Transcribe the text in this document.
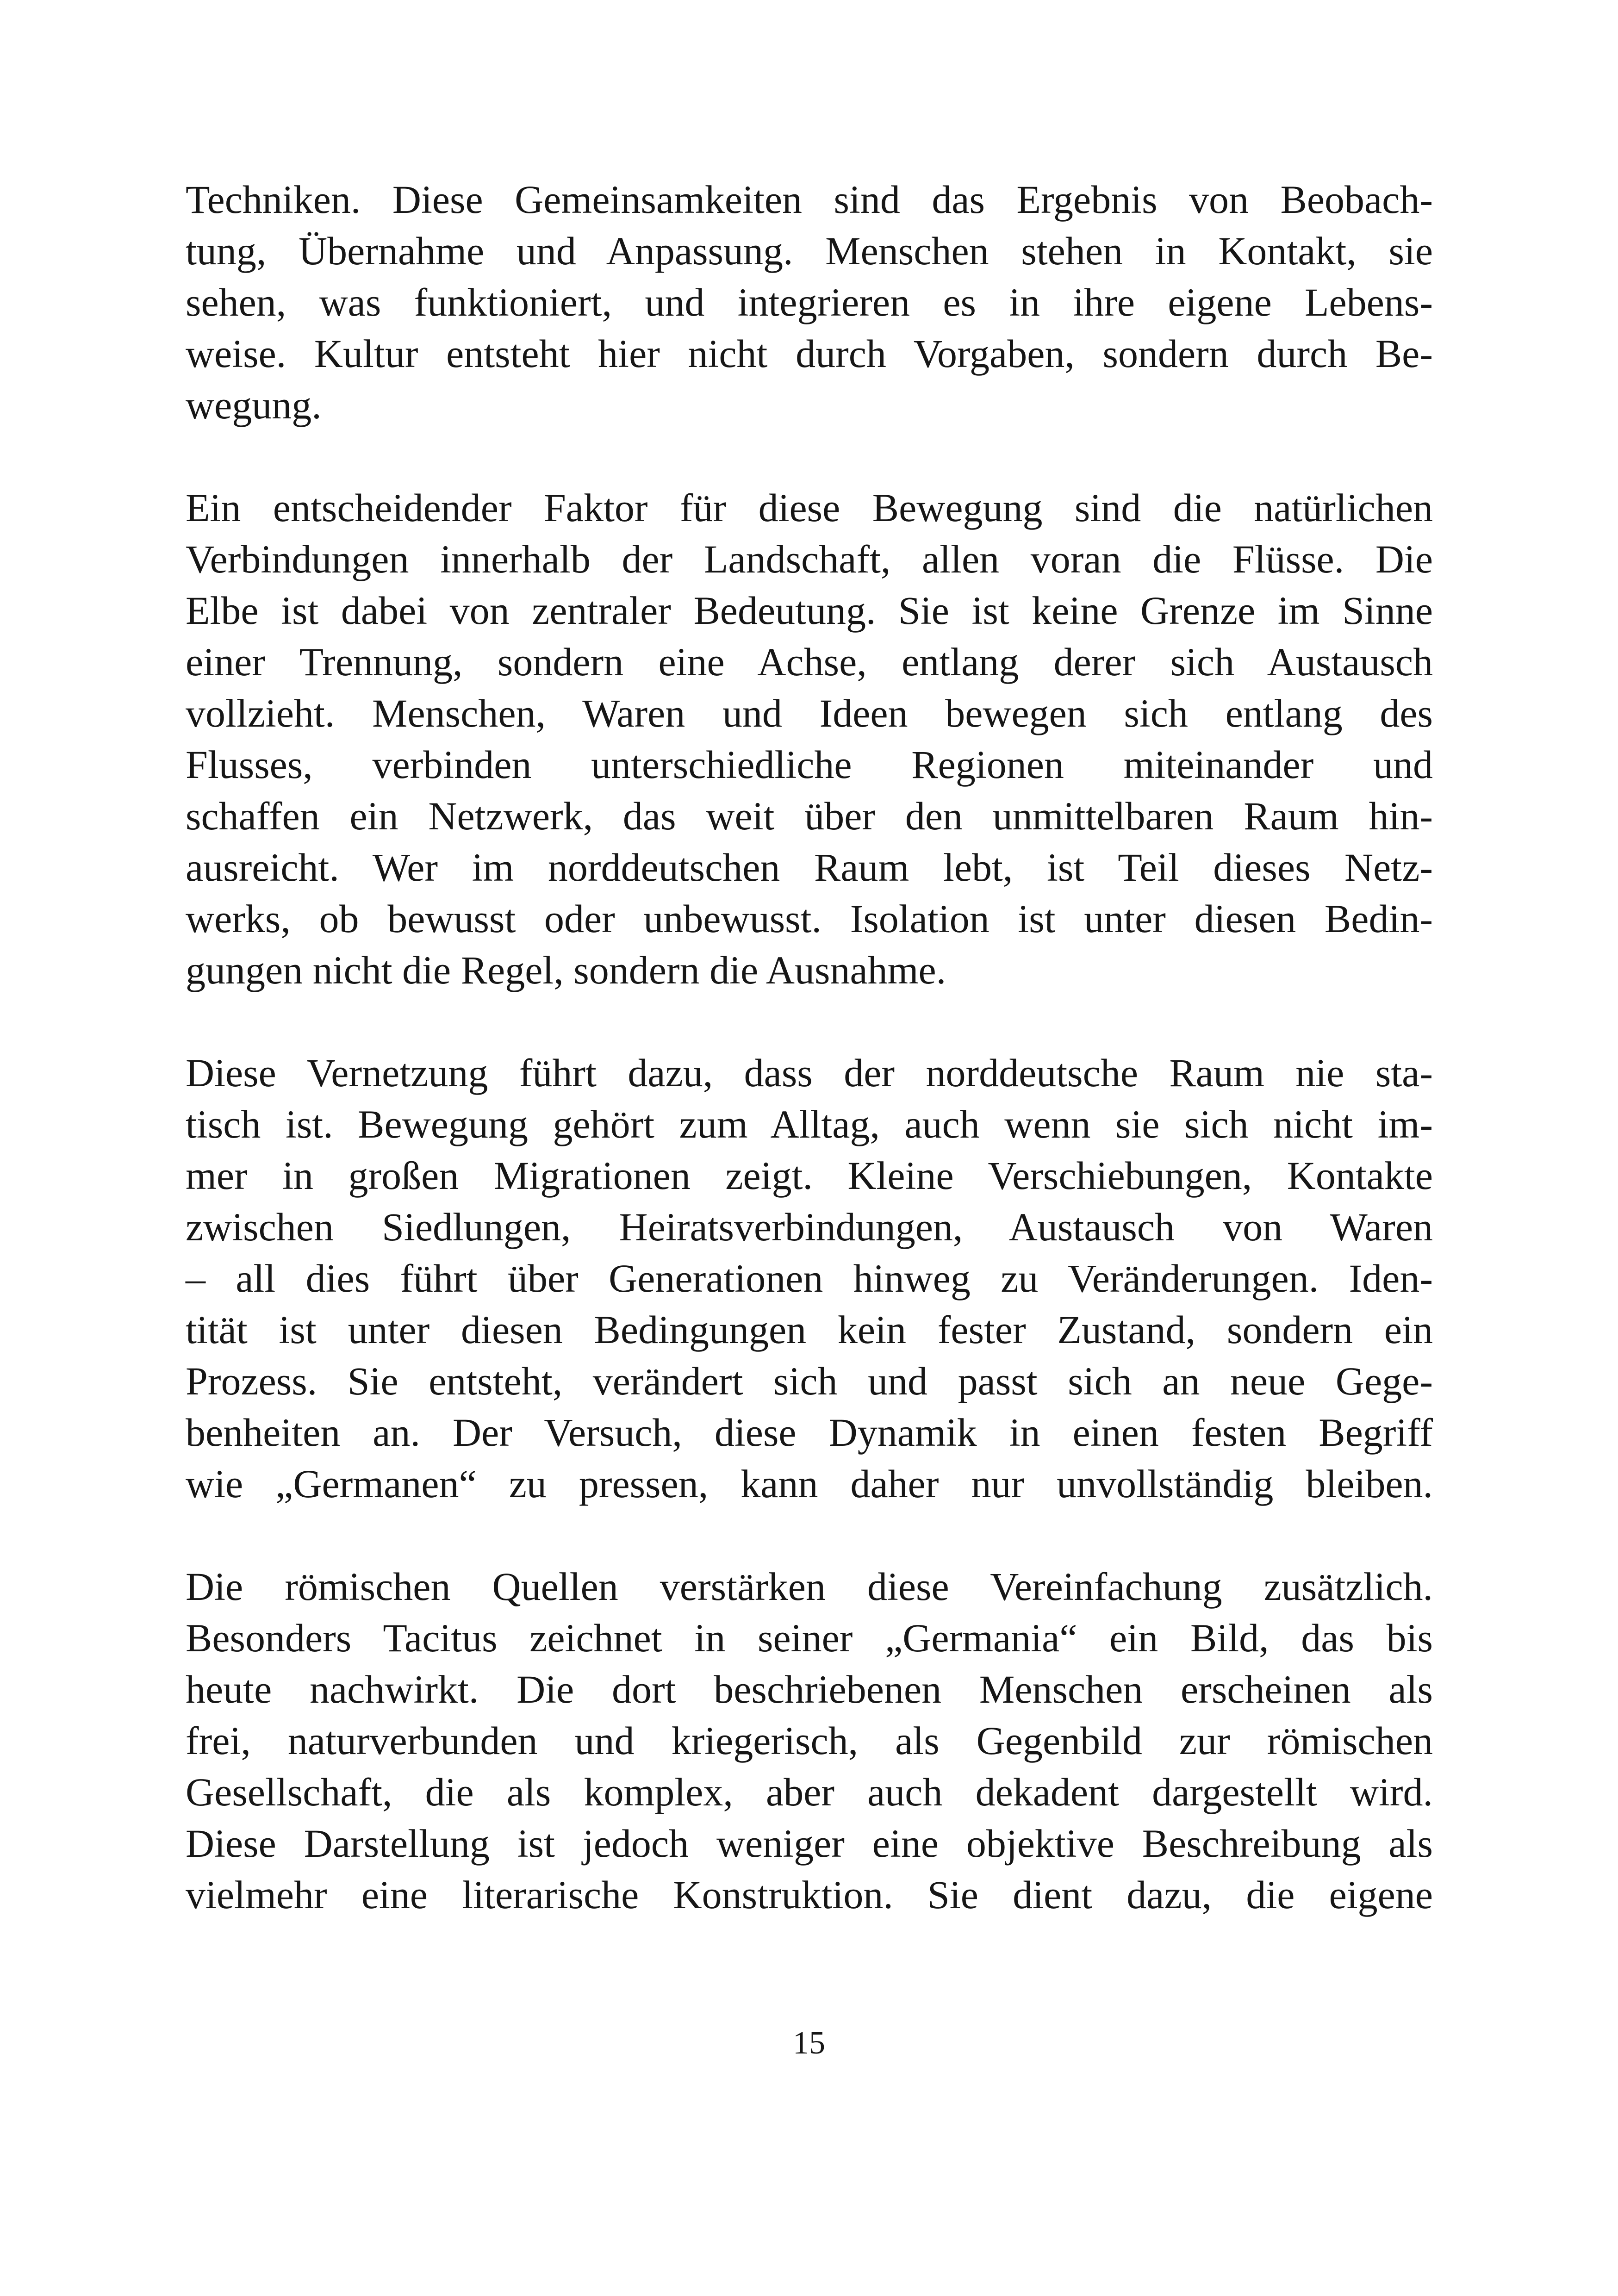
Techniken. Diese Gemeinsamkeiten sind das Ergebnis von Beobach-
tung, Übernahme und Anpassung. Menschen stehen in Kontakt, sie
sehen, was funktioniert, und integrieren es in ihre eigene Lebens-
weise. Kultur entsteht hier nicht durch Vorgaben, sondern durch Be-
wegung.
Ein entscheidender Faktor für diese Bewegung sind die natürlichen
Verbindungen innerhalb der Landschaft, allen voran die Flüsse. Die
Elbe ist dabei von zentraler Bedeutung. Sie ist keine Grenze im Sinne
einer Trennung, sondern eine Achse, entlang derer sich Austausch
vollzieht. Menschen, Waren und Ideen bewegen sich entlang des
Flusses, verbinden unterschiedliche Regionen miteinander und
schaffen ein Netzwerk, das weit über den unmittelbaren Raum hin-
ausreicht. Wer im norddeutschen Raum lebt, ist Teil dieses Netz-
werks, ob bewusst oder unbewusst. Isolation ist unter diesen Bedin-
gungen nicht die Regel, sondern die Ausnahme.
Diese Vernetzung führt dazu, dass der norddeutsche Raum nie sta-
tisch ist. Bewegung gehört zum Alltag, auch wenn sie sich nicht im-
mer in großen Migrationen zeigt. Kleine Verschiebungen, Kontakte
zwischen Siedlungen, Heiratsverbindungen, Austausch von Waren
– all dies führt über Generationen hinweg zu Veränderungen. Iden-
tität ist unter diesen Bedingungen kein fester Zustand, sondern ein
Prozess. Sie entsteht, verändert sich und passt sich an neue Gege-
benheiten an. Der Versuch, diese Dynamik in einen festen Begriff
wie „Germanen“ zu pressen, kann daher nur unvollständig bleiben.
Die römischen Quellen verstärken diese Vereinfachung zusätzlich.
Besonders Tacitus zeichnet in seiner „Germania“ ein Bild, das bis
heute nachwirkt. Die dort beschriebenen Menschen erscheinen als
frei, naturverbunden und kriegerisch, als Gegenbild zur römischen
Gesellschaft, die als komplex, aber auch dekadent dargestellt wird.
Diese Darstellung ist jedoch weniger eine objektive Beschreibung als
vielmehr eine literarische Konstruktion. Sie dient dazu, die eigene
15
